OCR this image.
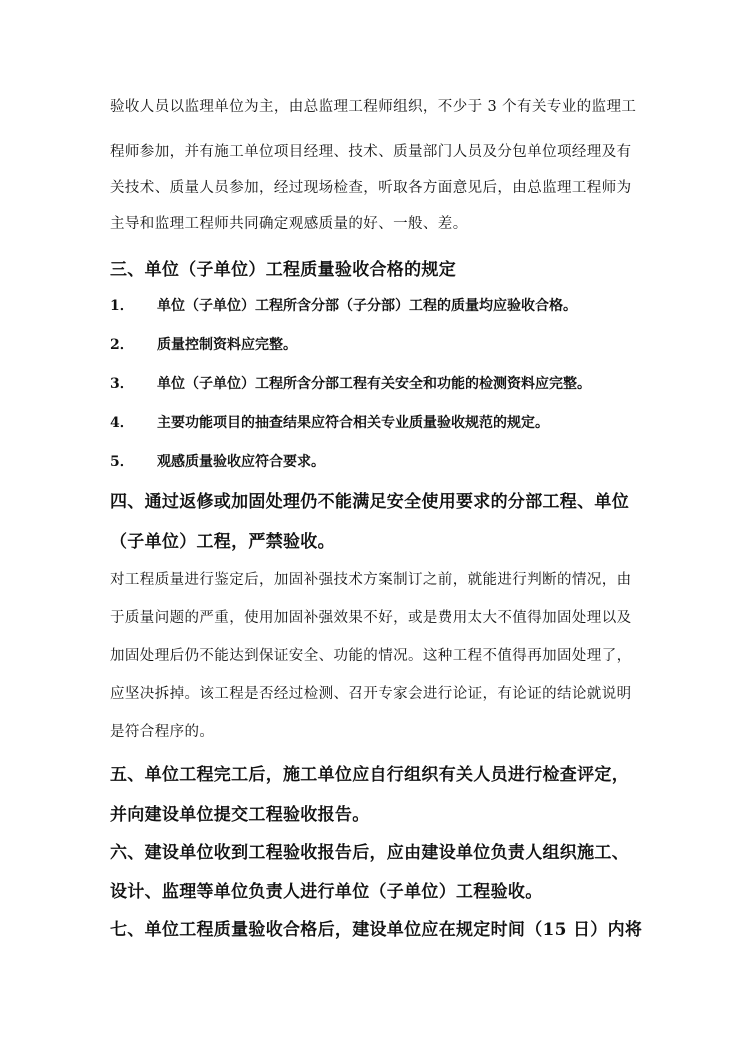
验收人员以监理单位为主，由总监理工程师组织，不少于 3 个有关专业的监理工
程师参加，并有施工单位项目经理、技术、质量部门人员及分包单位项经理及有
关技术、质量人员参加，经过现场检查，听取各方面意见后，由总监理工程师为
主导和监理工程师共同确定观感质量的好、一般、差。
三、单位（子单位）工程质量验收合格的规定
1． 单位（子单位）工程所含分部（子分部）工程的质量均应验收合格。
2． 质量控制资料应完整。
3． 单位（子单位）工程所含分部工程有关安全和功能的检测资料应完整。
4． 主要功能项目的抽查结果应符合相关专业质量验收规范的规定。
5． 观感质量验收应符合要求。
四、通过返修或加固处理仍不能满足安全使用要求的分部工程、单位
（子单位）工程，严禁验收。
对工程质量进行鉴定后，加固补强技术方案制订之前，就能进行判断的情况，由
于质量问题的严重，使用加固补强效果不好，或是费用太大不值得加固处理以及
加固处理后仍不能达到保证安全、功能的情况。这种工程不值得再加固处理了，
应坚决拆掉。该工程是否经过检测、召开专家会进行论证，有论证的结论就说明
是符合程序的。
五、单位工程完工后，施工单位应自行组织有关人员进行检查评定，
并向建设单位提交工程验收报告。
六、建设单位收到工程验收报告后，应由建设单位负责人组织施工、
设计、监理等单位负责人进行单位（子单位）工程验收。
七、单位工程质量验收合格后，建设单位应在规定时间（15 日）内将
